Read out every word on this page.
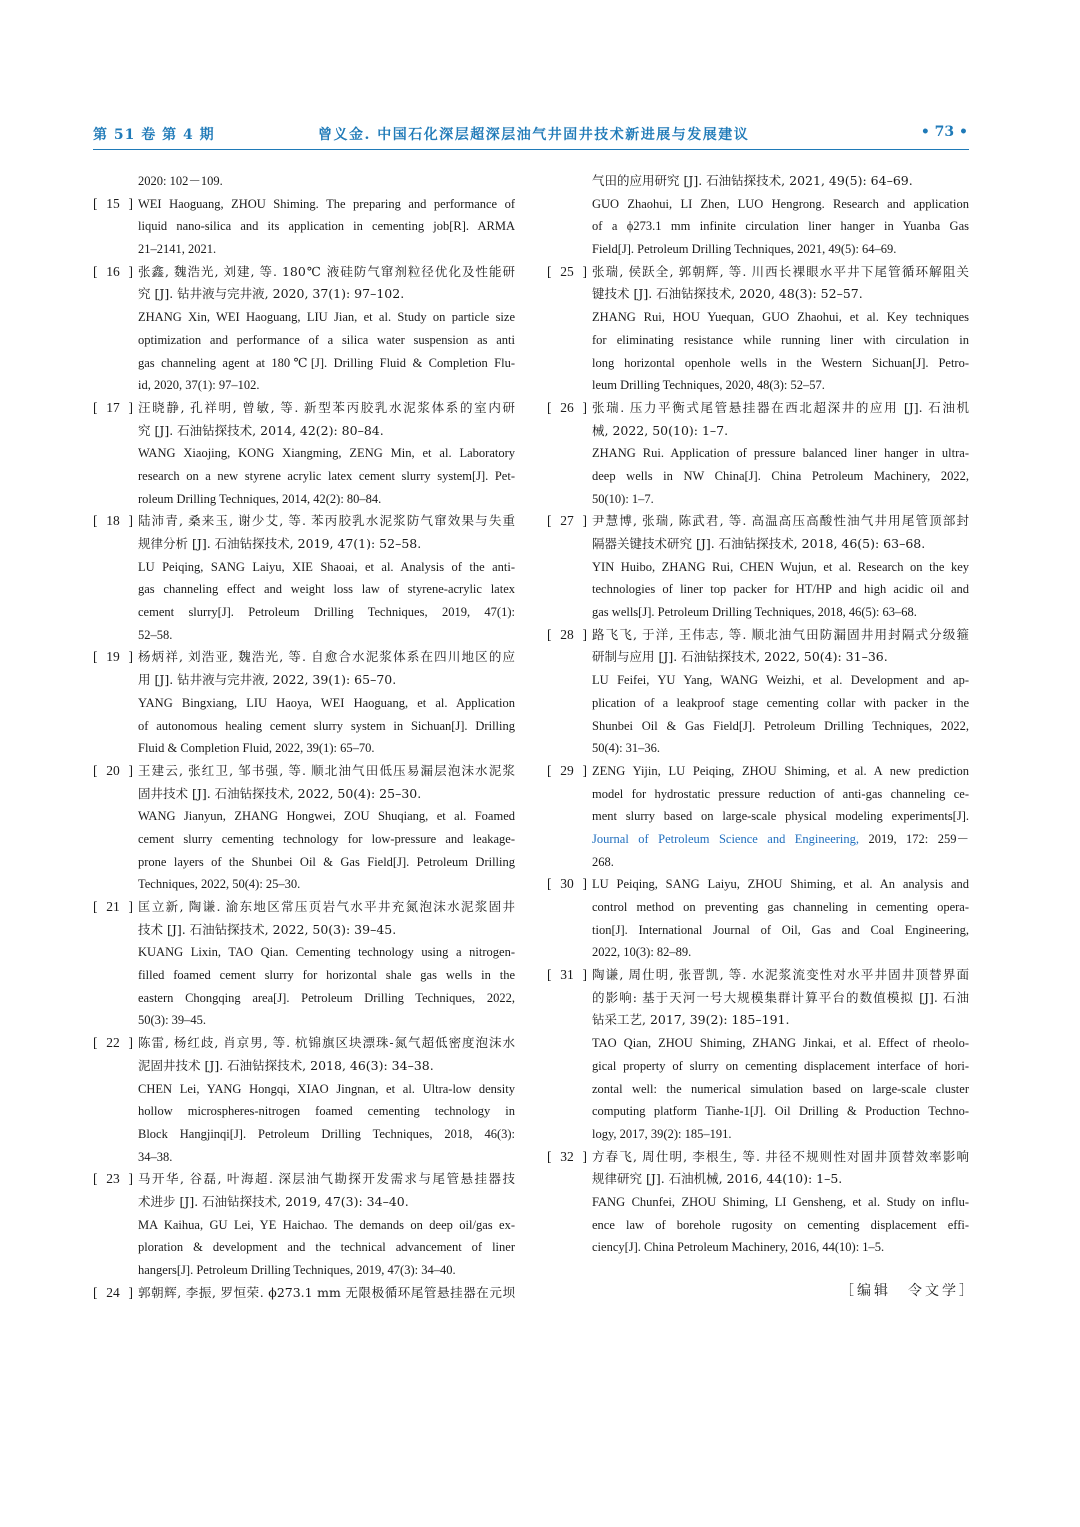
第 51 卷 第 4 期	曾义金. 中国石化深层超深层油气井固井技术新进展与发展建议	• 73 •
2020: 102－109.
[ 15 ] WEI Haoguang, ZHOU Shiming. The preparing and performance of
liquid nano-silica and its application in cementing job[R]. ARMA
21–2141, 2021.
[ 16 ] 张鑫, 魏浩光, 刘建, 等. 180℃ 液硅防气窜剂粒径优化及性能研
究 [J]. 钻井液与完井液, 2020, 37(1): 97–102.
ZHANG Xin, WEI Haoguang, LIU Jian, et al. Study on particle size
optimization and performance of a silica water suspension as anti
gas channeling agent at 180℃[J]. Drilling Fluid & Completion Flu-
id, 2020, 37(1): 97–102.
[ 17 ] 汪晓静, 孔祥明, 曾敏, 等. 新型苯丙胶乳水泥浆体系的室内研
究 [J]. 石油钻探技术, 2014, 42(2): 80–84.
WANG Xiaojing, KONG Xiangming, ZENG Min, et al. Laboratory
research on a new styrene acrylic latex cement slurry system[J]. Pet-
roleum Drilling Techniques, 2014, 42(2): 80–84.
[ 18 ] 陆沛青, 桑来玉, 谢少艾, 等. 苯丙胶乳水泥浆防气窜效果与失重
规律分析 [J]. 石油钻探技术, 2019, 47(1): 52–58.
LU Peiqing, SANG Laiyu, XIE Shaoai, et al. Analysis of the anti-
gas channeling effect and weight loss law of styrene-acrylic latex
cement slurry[J]. Petroleum Drilling Techniques, 2019, 47(1):
52–58.
[ 19 ] 杨炳祥, 刘浩亚, 魏浩光, 等. 自愈合水泥浆体系在四川地区的应
用 [J]. 钻井液与完井液, 2022, 39(1): 65–70.
YANG Bingxiang, LIU Haoya, WEI Haoguang, et al. Application
of autonomous healing cement slurry system in Sichuan[J]. Drilling
Fluid & Completion Fluid, 2022, 39(1): 65–70.
[ 20 ] 王建云, 张红卫, 邹书强, 等. 顺北油气田低压易漏层泡沫水泥浆
固井技术 [J]. 石油钻探技术, 2022, 50(4): 25–30.
WANG Jianyun, ZHANG Hongwei, ZOU Shuqiang, et al. Foamed
cement slurry cementing technology for low-pressure and leakage-
prone layers of the Shunbei Oil & Gas Field[J]. Petroleum Drilling
Techniques, 2022, 50(4): 25–30.
[ 21 ] 匡立新, 陶谦. 渝东地区常压页岩气水平井充氮泡沫水泥浆固井
技术 [J]. 石油钻探技术, 2022, 50(3): 39–45.
KUANG Lixin, TAO Qian. Cementing technology using a nitrogen-
filled foamed cement slurry for horizontal shale gas wells in the
eastern Chongqing area[J]. Petroleum Drilling Techniques, 2022,
50(3): 39–45.
[ 22 ] 陈雷, 杨红歧, 肖京男, 等. 杭锦旗区块漂珠-氮气超低密度泡沫水
泥固井技术 [J]. 石油钻探技术, 2018, 46(3): 34–38.
CHEN Lei, YANG Hongqi, XIAO Jingnan, et al. Ultra-low density
hollow microspheres-nitrogen foamed cementing technology in
Block Hangjinqi[J]. Petroleum Drilling Techniques, 2018, 46(3):
34–38.
[ 23 ] 马开华, 谷磊, 叶海超. 深层油气勘探开发需求与尾管悬挂器技
术进步 [J]. 石油钻探技术, 2019, 47(3): 34–40.
MA Kaihua, GU Lei, YE Haichao. The demands on deep oil/gas ex-
ploration & development and the technical advancement of liner
hangers[J]. Petroleum Drilling Techniques, 2019, 47(3): 34–40.
[ 24 ] 郭朝辉, 李振, 罗恒荣. ϕ273.1 mm 无限极循环尾管悬挂器在元坝
气田的应用研究 [J]. 石油钻探技术, 2021, 49(5): 64–69.
GUO Zhaohui, LI Zhen, LUO Hengrong. Research and application
of a ϕ273.1 mm infinite circulation liner hanger in Yuanba Gas
Field[J]. Petroleum Drilling Techniques, 2021, 49(5): 64–69.
[ 25 ] 张瑞, 侯跃全, 郭朝辉, 等. 川西长裸眼水平井下尾管循环解阻关
键技术 [J]. 石油钻探技术, 2020, 48(3): 52–57.
ZHANG Rui, HOU Yuequan, GUO Zhaohui, et al. Key techniques
for eliminating resistance while running liner with circulation in
long horizontal openhole wells in the Western Sichuan[J]. Petro-
leum Drilling Techniques, 2020, 48(3): 52–57.
[ 26 ] 张瑞. 压力平衡式尾管悬挂器在西北超深井的应用 [J]. 石油机
械, 2022, 50(10): 1–7.
ZHANG Rui. Application of pressure balanced liner hanger in ultra-
deep wells in NW China[J]. China Petroleum Machinery, 2022,
50(10): 1–7.
[ 27 ] 尹慧博, 张瑞, 陈武君, 等. 高温高压高酸性油气井用尾管顶部封
隔器关键技术研究 [J]. 石油钻探技术, 2018, 46(5): 63–68.
YIN Huibo, ZHANG Rui, CHEN Wujun, et al. Research on the key
technologies of liner top packer for HT/HP and high acidic oil and
gas wells[J]. Petroleum Drilling Techniques, 2018, 46(5): 63–68.
[ 28 ] 路飞飞, 于洋, 王伟志, 等. 顺北油气田防漏固井用封隔式分级箍
研制与应用 [J]. 石油钻探技术, 2022, 50(4): 31–36.
LU Feifei, YU Yang, WANG Weizhi, et al. Development and ap-
plication of a leakproof stage cementing collar with packer in the
Shunbei Oil & Gas Field[J]. Petroleum Drilling Techniques, 2022,
50(4): 31–36.
[ 29 ] ZENG Yijin, LU Peiqing, ZHOU Shiming, et al. A new prediction
model for hydrostatic pressure reduction of anti-gas channeling ce-
ment slurry based on large-scale physical modeling experiments[J].
Journal of Petroleum Science and Engineering, 2019, 172: 259－
268.
[ 30 ] LU Peiqing, SANG Laiyu, ZHOU Shiming, et al. An analysis and
control method on preventing gas channeling in cementing opera-
tion[J]. International Journal of Oil, Gas and Coal Engineering,
2022, 10(3): 82–89.
[ 31 ] 陶谦, 周仕明, 张晋凯, 等. 水泥浆流变性对水平井固井顶替界面
的影响: 基于天河一号大规模集群计算平台的数值模拟 [J]. 石油
钻采工艺, 2017, 39(2): 185–191.
TAO Qian, ZHOU Shiming, ZHANG Jinkai, et al. Effect of rheolo-
gical property of slurry on cementing displacement interface of hori-
zontal well: the numerical simulation based on large-scale cluster
computing platform Tianhe-1[J]. Oil Drilling & Production Techno-
logy, 2017, 39(2): 185–191.
[ 32 ] 方春飞, 周仕明, 李根生, 等. 井径不规则性对固井顶替效率影响
规律研究 [J]. 石油机械, 2016, 44(10): 1–5.
FANG Chunfei, ZHOU Shiming, LI Gensheng, et al. Study on influ-
ence law of borehole rugosity on cementing displacement effi-
ciency[J]. China Petroleum Machinery, 2016, 44(10): 1–5.
［编辑　令文学］
